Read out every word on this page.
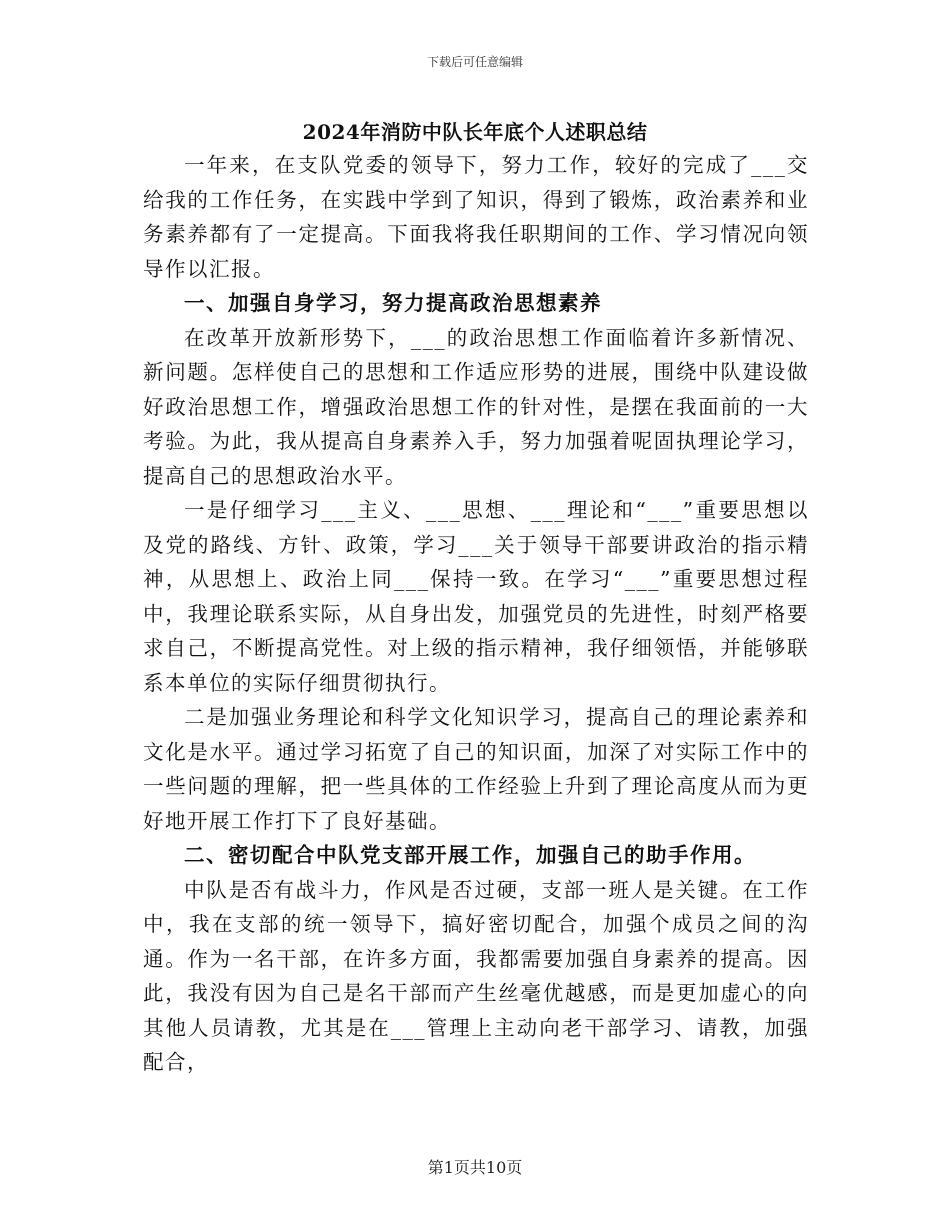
下载后可任意编辑
2024年消防中队长年底个人述职总结

一年来，在支队党委的领导下，努力工作，较好的完成了___交给我的工作任务，在实践中学到了知识，得到了锻炼，政治素养和业务素养都有了一定提高。下面我将我任职期间的工作、学习情况向领导作以汇报。

一、加强自身学习，努力提高政治思想素养

在改革开放新形势下，___的政治思想工作面临着许多新情况、新问题。怎样使自己的思想和工作适应形势的进展，围绕中队建设做好政治思想工作，增强政治思想工作的针对性，是摆在我面前的一大考验。为此，我从提高自身素养入手，努力加强着呢固执理论学习，提高自己的思想政治水平。

一是仔细学习___主义、___思想、___理论和“___”重要思想以及党的路线、方针、政策，学习___关于领导干部要讲政治的指示精神，从思想上、政治上同___保持一致。在学习“___”重要思想过程中，我理论联系实际，从自身出发，加强党员的先进性，时刻严格要求自己，不断提高党性。对上级的指示精神，我仔细领悟，并能够联系本单位的实际仔细贯彻执行。

二是加强业务理论和科学文化知识学习，提高自己的理论素养和文化是水平。通过学习拓宽了自己的知识面，加深了对实际工作中的一些问题的理解，把一些具体的工作经验上升到了理论高度从而为更好地开展工作打下了良好基础。

二、密切配合中队党支部开展工作，加强自己的助手作用。

中队是否有战斗力，作风是否过硬，支部一班人是关键。在工作中，我在支部的统一领导下，搞好密切配合，加强个成员之间的沟通。作为一名干部，在许多方面，我都需要加强自身素养的提高。因此，我没有因为自己是名干部而产生丝毫优越感，而是更加虚心的向其他人员请教，尤其是在___管理上主动向老干部学习、请教，加强配合，

第1页共10页
